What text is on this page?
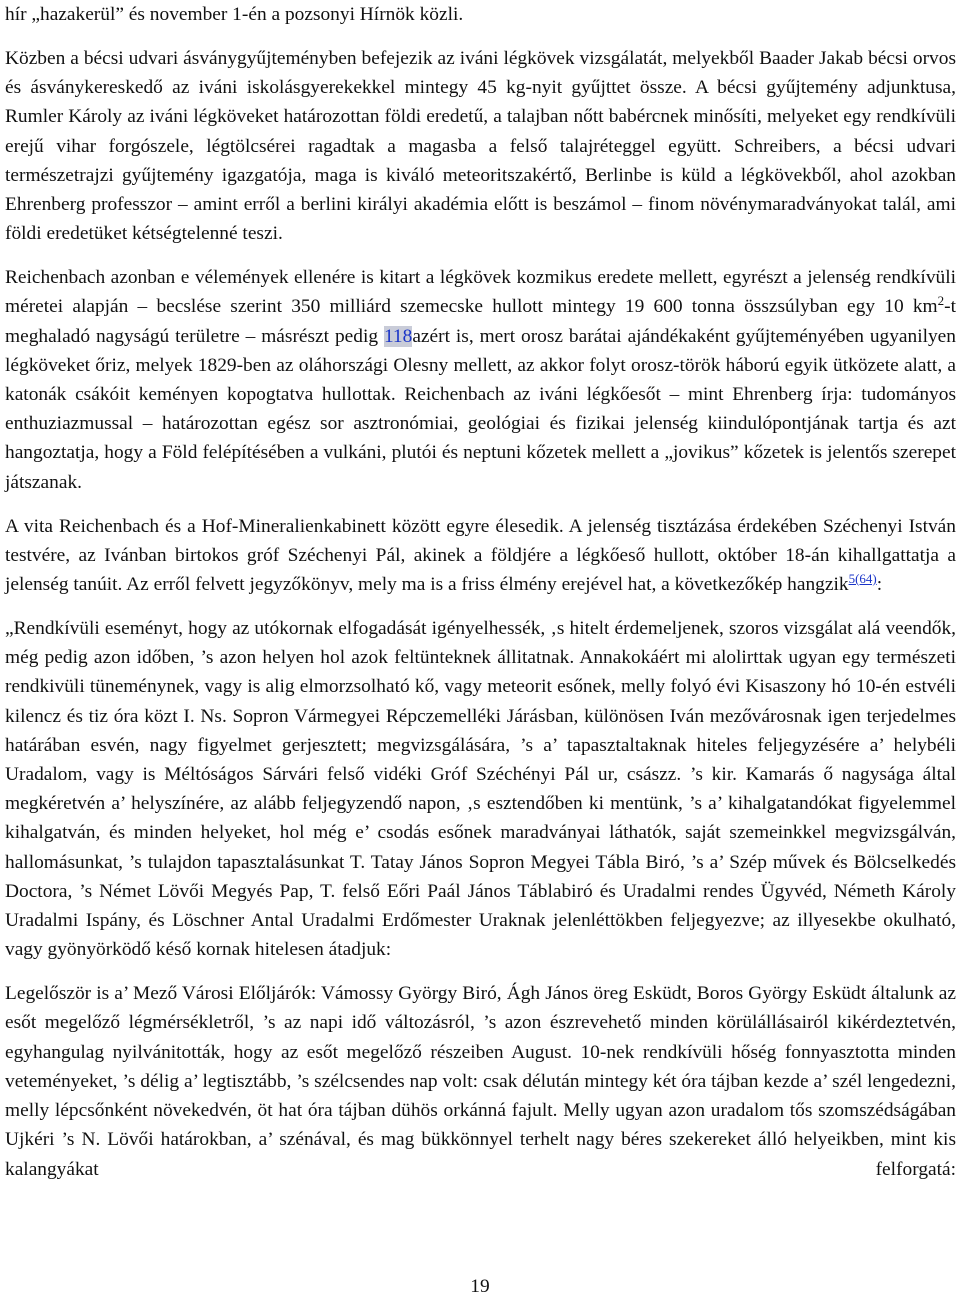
hír „hazakerül” és november 1-én a pozsonyi Hírnök közli.

Közben a bécsi udvari ásványgyűjteményben befejezik az iváni légkövek vizsgálatát, melyekből Baader Jakab bécsi orvos és ásványkereskedő az iváni iskolásgyerekekkel mintegy 45 kg-nyit gyűjttet össze. A bécsi gyűjtemény adjunktusa, Rumler Károly az iváni légköveket határozottan földi eredetű, a talajban nőtt babércnek minősíti, melyeket egy rendkívüli erejű vihar forgószele, légtölcsérei ragadtak a magasba a felső talajréteggel együtt. Schreibers, a bécsi udvari természetrajzi gyűjtemény igazgatója, maga is kiváló meteoritszakértő, Berlinbe is küld a légkövekből, ahol azokban Ehrenberg professzor – amint erről a berlini királyi akadémia előtt is beszámol – finom növénymaradványokat talál, ami földi eredetüket kétségtelenné teszi.

Reichenbach azonban e vélemények ellenére is kitart a légkövek kozmikus eredete mellett, egyrészt a jelenség rendkívüli méretei alapján – becslése szerint 350 milliárd szemecske hullott mintegy 19 600 tonna összsúlyban egy 10 $km^2-t$ meghaladó nagyságú területre – másrészt pedig 118azért is, mert orosz barátai ajándékaként gyűjteményében ugyanilyen légköveket őriz, melyek 1829-ben az oláhországi Olesny mellett, az akkor folyt orosz-török háború egyik ütközete alatt, a katonák csákóit keményen kopogtatva hullottak. Reichenbach az iváni légkőesőt – mint Ehrenberg írja: tudományos enthuziazmussal – határozottan egész sor asztronómiai, geológiai és fizikai jelenség kiindulópontjának tartja és azt hangoztatja, hogy a Föld felépítésében a vulkáni, plutói és neptuni kőzetek mellett a „jovikus” kőzetek is jelentős szerepet játszanak.

A vita Reichenbach és a Hof-Mineralienkabinett között egyre élesedik. A jelenség tisztázása érdekében Széchenyi István testvére, az Ivánban birtokos gróf Széchenyi Pál, akinek a földjére a légkőeső hullott, október 18-án kihallgattatja a jelenség tanúit. Az erről felvett jegyzőkönyv, mely ma is a friss élmény erejével hat, a következőkép hangzik$^{5(64)}$:

„Rendkívüli eseményt, hogy az utókornak elfogadását igényelhessék, ‚s hitelt érdemeljenek, szoros vizsgálat alá veendők, még pedig azon időben, ’s azon helyen hol azok feltünteknek állitatnak. Annakokáért mi alolirttak ugyan egy természeti rendkivüli tüneménynek, vagy is alig elmorzsolható kő, vagy meteorit esőnek, melly folyó évi Kisaszony hó 10-én estvéli kilencz és tiz óra közt I. Ns. Sopron Vármegyei Répczemelléki Járásban, különösen Iván mezővárosnak igen terjedelmes határában esvén, nagy figyelmet gerjesztett; megvizsgálására, ’s a’ tapasztaltaknak hiteles feljegyzésére a’ helybéli Uradalom, vagy is Méltóságos Sárvári felső vidéki Gróf Széchényi Pál ur, császz. ’s kir. Kamarás ő nagysága által megkéretvén a’ helyszínére, az alább feljegyzendő napon, ‚s esztendőben ki mentünk, ’s a’ kihalgatandókat figyelemmel kihalgatván, és minden helyeket, hol még e’ csodás esőnek maradványai láthatók, saját szemeinkkel megvizsgálván, hallomásunkat, ’s tulajdon tapasztalásunkat T. Tatay János Sopron Megyei Tábla Biró, ’s a’ Szép művek és Bölcselkedés Doctora, ’s Német Lövői Megyés Pap, T. felső Eőri Paál János Táblabiró és Uradalmi rendes Ügyvéd, Németh Károly Uradalmi Ispány, és Löschner Antal Uradalmi Erdőmester Uraknak jelenléttökben feljegyezve; az illyesekbe okulható, vagy gyönyörködő késő kornak hitelesen átadjuk:

Legelőször is a’ Mező Városi Előljárók: Vámossy György Biró, Ágh János öreg Esküdt, Boros György Esküdt általunk az esőt megelőző légmérsékletről, ’s az napi idő változásról, ’s azon észrevehető minden körülállásairól kikérdeztetvén, egyhangulag nyilvánitották, hogy az esőt megelőző részeiben August. 10-nek rendkívüli hőség fonnyasztotta minden veteményeket, ’s délig a’ legtisztább, ’s szélcsendes nap volt: csak délután mintegy két óra tájban kezde a’ szél lengedezni, melly lépcsőnként növekedvén, öt hat óra tájban dühös orkánná fajult. Melly ugyan azon uradalom tős szomszédságában Ujkéri ’s N. Lövői határokban, a’ szénával, és mag bükkönnyel terhelt nagy béres szekereket álló helyeikben, mint kis kalangyákat felforgatá:

19
